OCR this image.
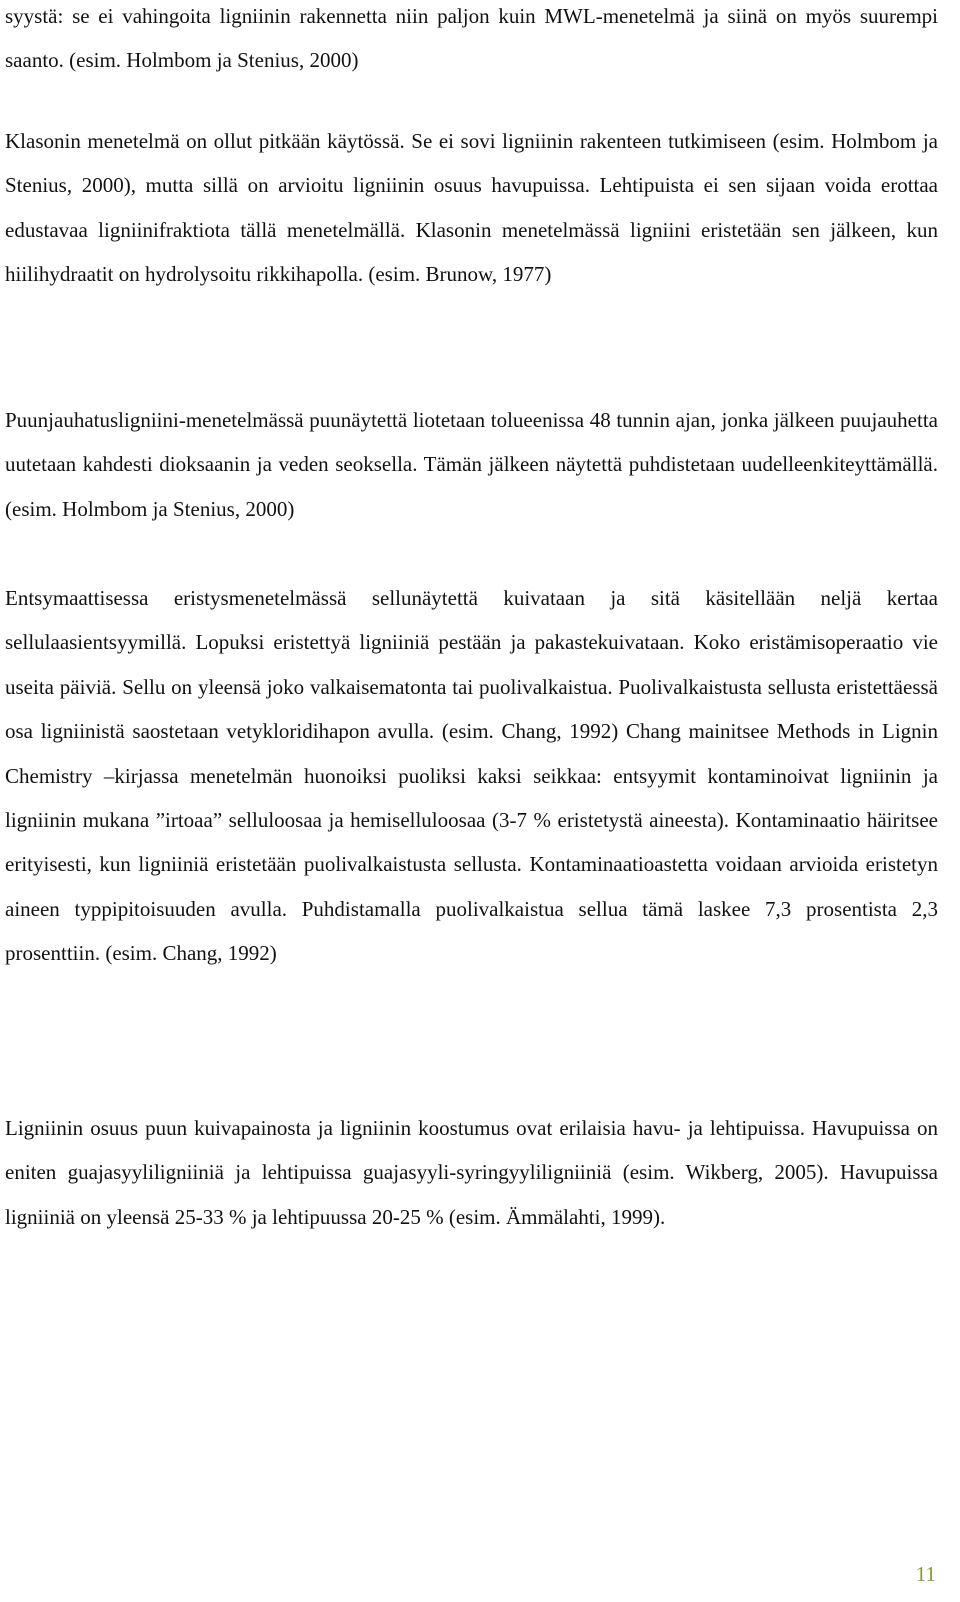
syystä: se ei vahingoita ligniinin rakennetta niin paljon kuin MWL-menetelmä ja siinä on myös suurempi saanto. (esim. Holmbom ja Stenius, 2000)

Klasonin menetelmä on ollut pitkään käytössä. Se ei sovi ligniinin rakenteen tutkimiseen (esim. Holmbom ja Stenius, 2000), mutta sillä on arvioitu ligniinin osuus havupuissa. Lehtipuista ei sen sijaan voida erottaa edustavaa ligniinifraktiota tällä menetelmällä. Klasonin menetelmässä ligniini eristetään sen jälkeen, kun hiilihydraatit on hydrolysoitu rikkihapolla. (esim. Brunow, 1977)

Puunjauhatusligniini-menetelmässä puunäytettä liotetaan tolueenissa 48 tunnin ajan, jonka jälkeen puujauhetta uutetaan kahdesti dioksaanin ja veden seoksella. Tämän jälkeen näytettä puhdistetaan uudelleenkiteyttämällä. (esim. Holmbom ja Stenius, 2000)

Entsymaattisessa eristysmenetelmässä sellunäytettä kuivataan ja sitä käsitellään neljä kertaa sellulaasientsyymillä. Lopuksi eristettyä ligniiniä pestään ja pakastekuivataan. Koko eristämisoperaatio vie useita päiviä. Sellu on yleensä joko valkaisematonta tai puolivalkaistua. Puolivalkaistusta sellusta eristettäessä osa ligniinistä saostetaan vetykloridihapon avulla. (esim. Chang, 1992) Chang mainitsee Methods in Lignin Chemistry –kirjassa menetelmän huonoiksi puoliksi kaksi seikkaa: entsyymit kontaminoivat ligniinin ja ligniinin mukana ”irtoaa” selluloosaa ja hemiselluloosaa (3-7 % eristetystä aineesta). Kontaminaatio häiritsee erityisesti, kun ligniiniä eristetään puolivalkaistusta sellusta. Kontaminaatioastetta voidaan arvioida eristetyn aineen typpipitoisuuden avulla. Puhdistamalla puolivalkaistua sellua tämä laskee 7,3 prosentista 2,3 prosenttiin. (esim. Chang, 1992)

Ligniinin osuus puun kuivapainosta ja ligniinin koostumus ovat erilaisia havu- ja lehtipuissa. Havupuissa on eniten guajasyyliligniiniä ja lehtipuissa guajasyyli-syringyyliligniiniä (esim. Wikberg, 2005). Havupuissa ligniiniä on yleensä 25-33 % ja lehtipuussa 20-25 % (esim. Ämmälahti, 1999).

11
